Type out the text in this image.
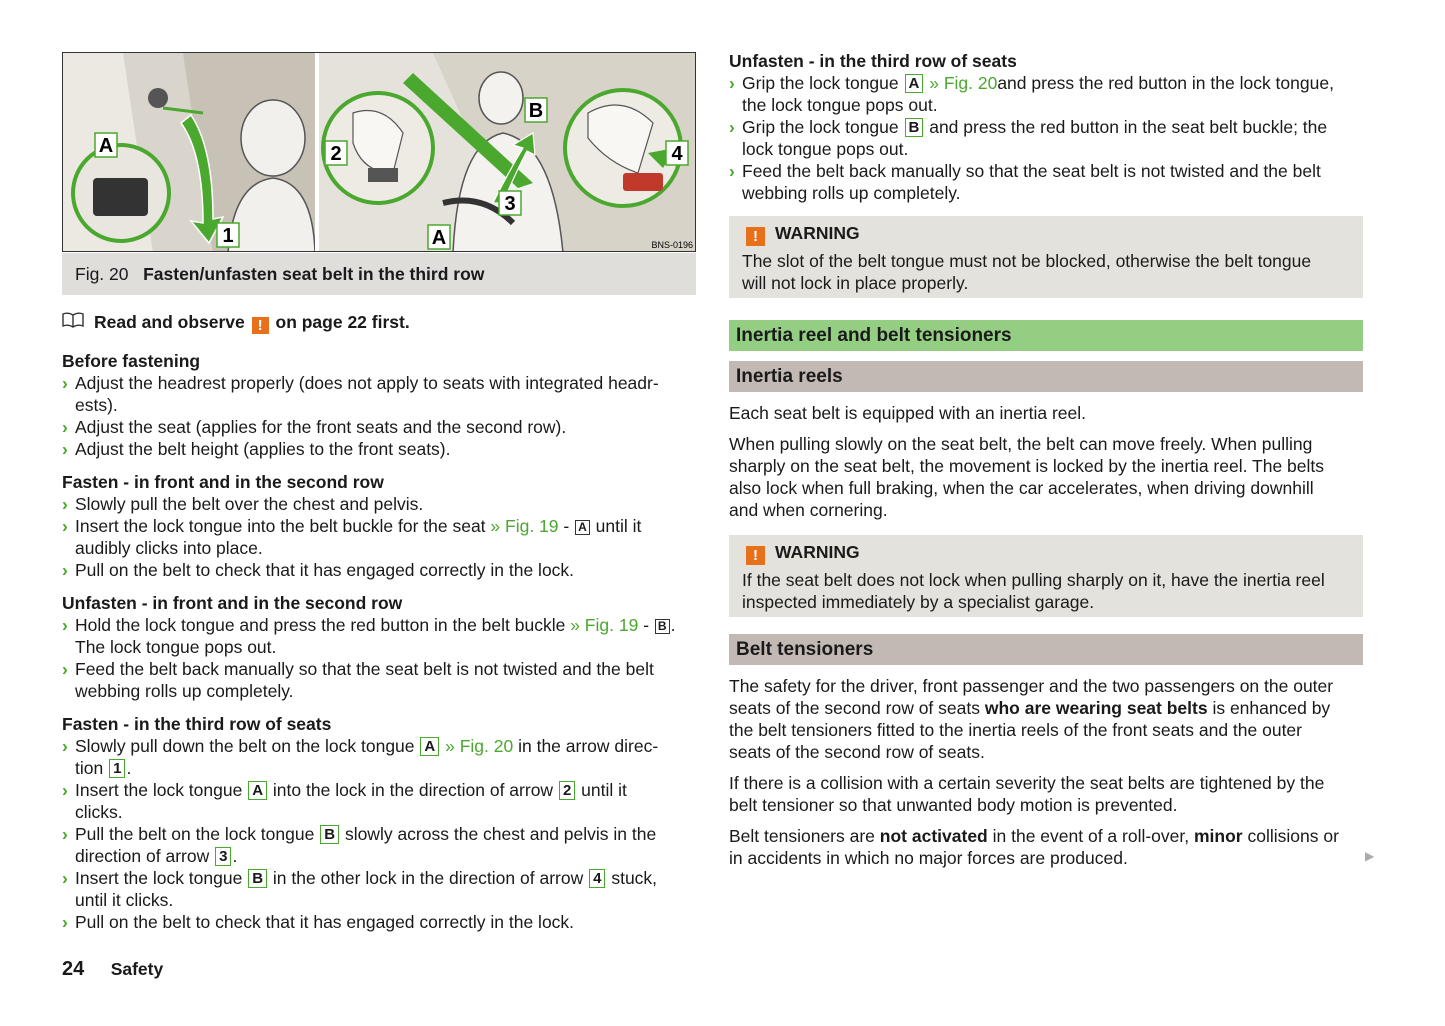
A
1
2
B
3
A
4
BNS-0196
Fig. 20 Fasten/unfasten seat belt in the third row

Read and observe ! on page 22 first.

Before fastening

› Adjust the headrest properly (does not apply to seats with integrated headr-
ests).
› Adjust the seat (applies for the front seats and the second row).
› Adjust the belt height (applies to the front seats).

Fasten - in front and in the second row

› Slowly pull the belt over the chest and pelvis.
› Insert the lock tongue into the belt buckle for the seat » Fig. 19 - A until it
audibly clicks into place.
› Pull on the belt to check that it has engaged correctly in the lock.

Unfasten - in front and in the second row

› Hold the lock tongue and press the red button in the belt buckle » Fig. 19 - B .
The lock tongue pops out.
› Feed the belt back manually so that the seat belt is not twisted and the belt
webbing rolls up completely.

Fasten - in the third row of seats

› Slowly pull down the belt on the lock tongue A » Fig. 20 in the arrow direc-
tion 1 .
› Insert the lock tongue A into the lock in the direction of arrow 2 until it
clicks.
› Pull the belt on the lock tongue B slowly across the chest and pelvis in the
direction of arrow 3 .
› Insert the lock tongue B in the other lock in the direction of arrow 4 stuck,
until it clicks.
› Pull on the belt to check that it has engaged correctly in the lock.
24 Safety

Unfasten - in the third row of seats

› Grip the lock tongue A » Fig. 20and press the red button in the lock tongue,
the lock tongue pops out.
› Grip the lock tongue B and press the red button in the seat belt buckle; the
lock tongue pops out.
› Feed the belt back manually so that the seat belt is not twisted and the belt
webbing rolls up completely.
! WARNING

The slot of the belt tongue must not be blocked, otherwise the belt tongue
will not lock in place properly.

Inertia reel and belt tensioners
Inertia reels

Each seat belt is equipped with an inertia reel.

When pulling slowly on the seat belt, the belt can move freely. When pulling
sharply on the seat belt, the movement is locked by the inertia reel. The belts
also lock when full braking, when the car accelerates, when driving downhill
and when cornering.

! WARNING

If the seat belt does not lock when pulling sharply on it, have the inertia reel
inspected immediately by a specialist garage.

Belt tensioners

The safety for the driver, front passenger and the two passengers on the outer
seats of the second row of seats who are wearing seat belts is enhanced by
the belt tensioners fitted to the inertia reels of the front seats and the outer
seats of the second row of seats.

If there is a collision with a certain severity the seat belts are tightened by the
belt tensioner so that unwanted body motion is prevented.

Belt tensioners are not activated in the event of a roll-over, minor collisions or
in accidents in which no major forces are produced.	▶
